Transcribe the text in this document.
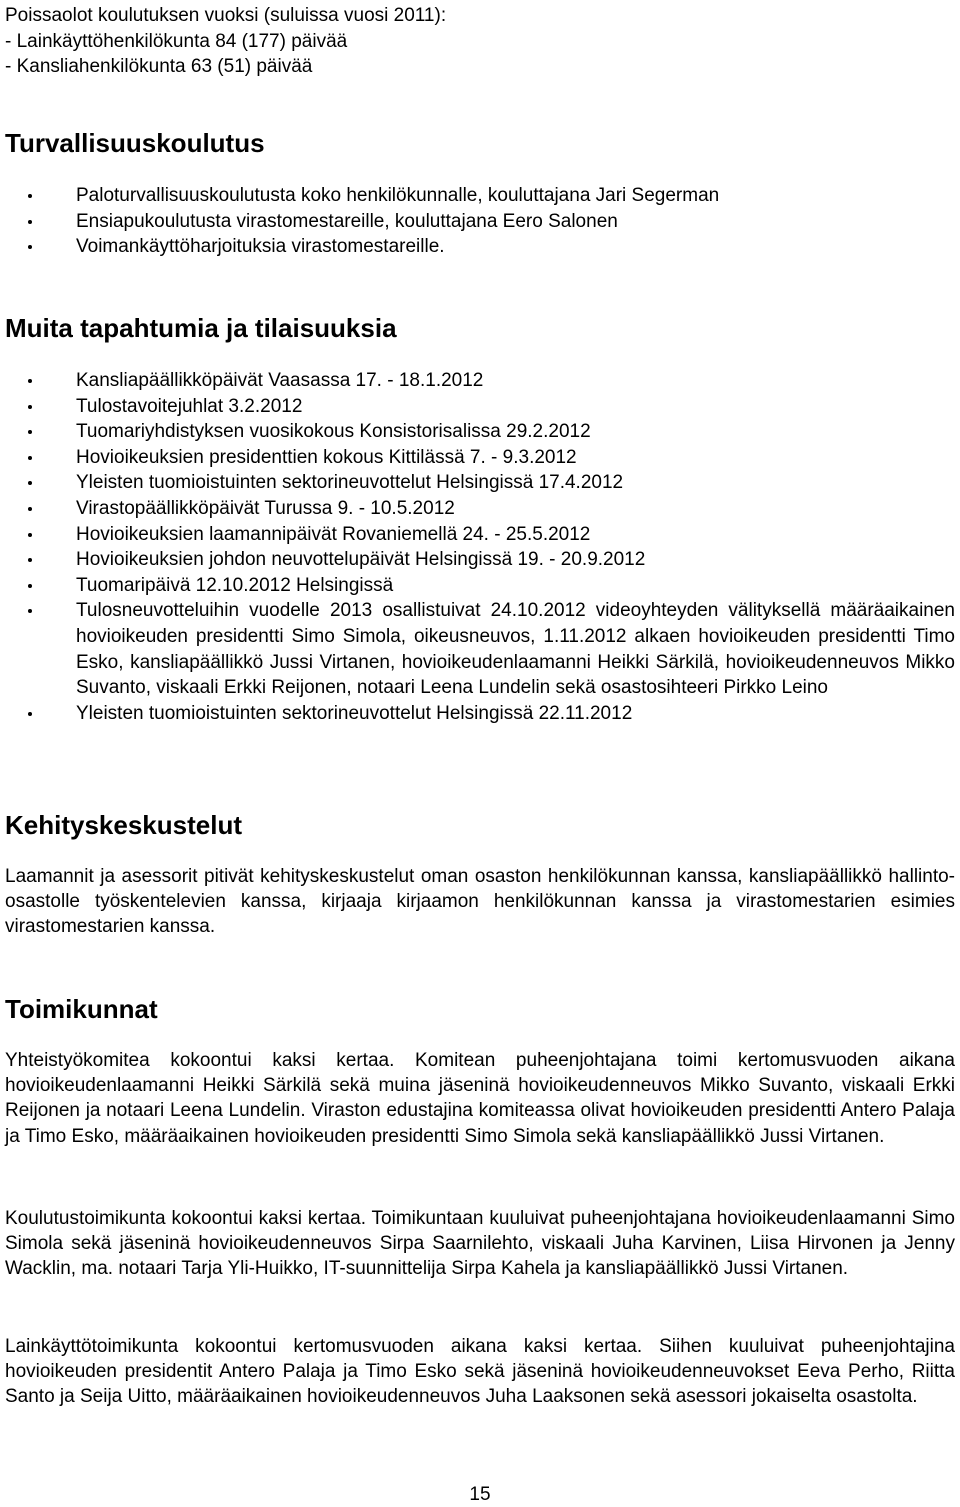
Poissaolot koulutuksen vuoksi (suluissa vuosi 2011):
- Lainkäyttöhenkilökunta 84 (177) päivää
- Kansliahenkilökunta 63 (51) päivää
Turvallisuuskoulutus
Paloturvallisuuskoulutusta koko henkilökunnalle, kouluttajana Jari Segerman
Ensiapukoulutusta virastomestareille, kouluttajana Eero Salonen
Voimankäyttöharjoituksia virastomestareille.
Muita tapahtumia ja tilaisuuksia
Kansliapäällikköpäivät Vaasassa 17. - 18.1.2012
Tulostavoitejuhlat 3.2.2012
Tuomariyhdistyksen vuosikokous Konsistorisalissa 29.2.2012
Hovioikeuksien presidenttien kokous Kittilässä 7. - 9.3.2012
Yleisten tuomioistuinten sektorineuvottelut Helsingissä 17.4.2012
Virastopäällikköpäivät Turussa 9. - 10.5.2012
Hovioikeuksien laamannipäivät Rovaniemellä 24. - 25.5.2012
Hovioikeuksien johdon neuvottelupäivät Helsingissä 19. - 20.9.2012
Tuomaripäivä 12.10.2012 Helsingissä
Tulosneuvotteluihin vuodelle 2013 osallistuivat 24.10.2012 videoyhteyden välityksellä määräaikainen hovioikeuden presidentti Simo Simola, oikeusneuvos, 1.11.2012 alkaen hovioikeuden presidentti Timo Esko, kansliapäällikkö Jussi Virtanen, hovioikeudenlaamanni Heikki Särkilä, hovioikeudenneuvos Mikko Suvanto, viskaali Erkki Reijonen, notaari Leena Lundelin sekä osastosihteeri Pirkko Leino
Yleisten tuomioistuinten sektorineuvottelut Helsingissä 22.11.2012
Kehityskeskustelut
Laamannit ja asessorit pitivät kehityskeskustelut oman osaston henkilökunnan kanssa, kansliapäällikkö hallinto-osastolle työskentelevien kanssa, kirjaaja kirjaamon henkilökunnan kanssa ja virastomestarien esimies virastomestarien kanssa.
Toimikunnat
Yhteistyökomitea kokoontui kaksi kertaa. Komitean puheenjohtajana toimi kertomusvuoden aikana hovioikeudenlaamanni Heikki Särkilä sekä muina jäseninä hovioikeudenneuvos Mikko Suvanto, viskaali Erkki Reijonen ja notaari Leena Lundelin. Viraston edustajina komiteassa olivat hovioikeuden presidentti Antero Palaja ja Timo Esko, määräaikainen hovioikeuden presidentti Simo Simola sekä kansliapäällikkö Jussi Virtanen.
Koulutustoimikunta kokoontui kaksi kertaa. Toimikuntaan kuuluivat puheenjohtajana hovioikeudenlaamanni Simo Simola sekä jäseninä hovioikeudenneuvos Sirpa Saarnilehto, viskaali Juha Karvinen, Liisa Hirvonen ja Jenny Wacklin, ma. notaari Tarja Yli-Huikko, IT-suunnittelija Sirpa Kahela ja kansliapäällikkö Jussi Virtanen.
Lainkäyttötoimikunta kokoontui kertomusvuoden aikana kaksi kertaa. Siihen kuuluivat puheenjohtajina hovioikeuden presidentit Antero Palaja ja Timo Esko sekä jäseninä hovioikeudenneuvokset Eeva Perho, Riitta Santo ja Seija Uitto, määräaikainen hovioikeudenneuvos Juha Laaksonen sekä asessori jokaiselta osastolta.
15
